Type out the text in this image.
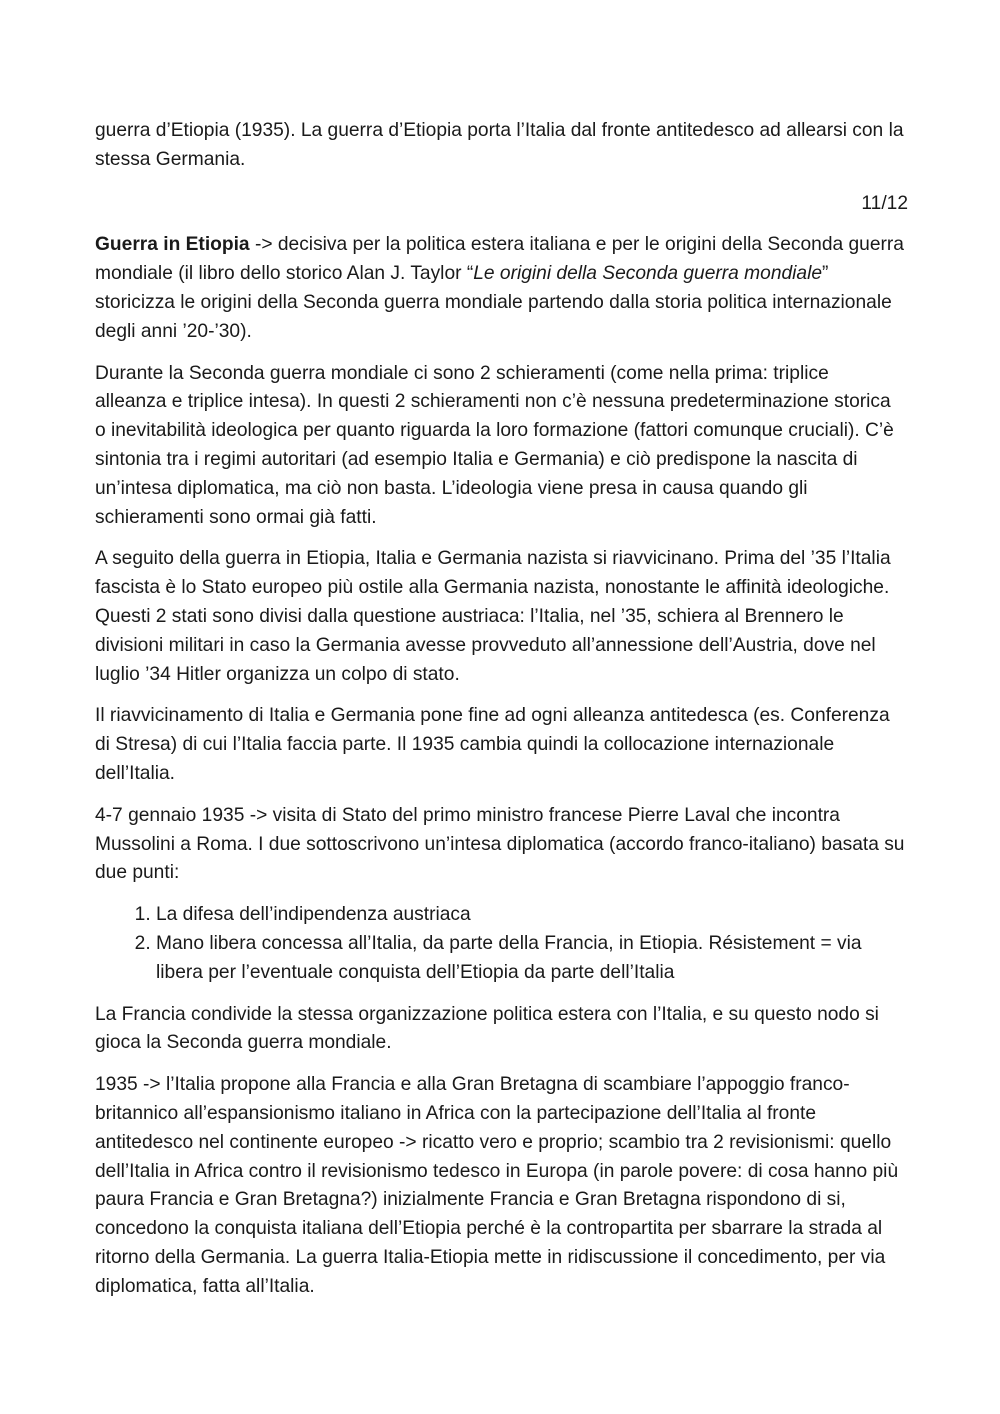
guerra d’Etiopia (1935). La guerra d’Etiopia porta l’Italia dal fronte antitedesco ad allearsi con la stessa Germania.

11/12

Guerra in Etiopia -> decisiva per la politica estera italiana e per le origini della Seconda guerra mondiale (il libro dello storico Alan J. Taylor “Le origini della Seconda guerra mondiale” storicizza le origini della Seconda guerra mondiale partendo dalla storia politica internazionale degli anni ’20-’30).

Durante la Seconda guerra mondiale ci sono 2 schieramenti (come nella prima: triplice alleanza e triplice intesa). In questi 2 schieramenti non c’è nessuna predeterminazione storica o inevitabilità ideologica per quanto riguarda la loro formazione (fattori comunque cruciali). C’è sintonia tra i regimi autoritari (ad esempio Italia e Germania) e ciò predispone la nascita di un’intesa diplomatica, ma ciò non basta. L’ideologia viene presa in causa quando gli schieramenti sono ormai già fatti.

A seguito della guerra in Etiopia, Italia e Germania nazista si riavvicinano. Prima del ’35 l’Italia fascista è lo Stato europeo più ostile alla Germania nazista, nonostante le affinità ideologiche. Questi 2 stati sono divisi dalla questione austriaca: l’Italia, nel ’35, schiera al Brennero le divisioni militari in caso la Germania avesse provveduto all’annessione dell’Austria, dove nel luglio ’34 Hitler organizza un colpo di stato.

Il riavvicinamento di Italia e Germania pone fine ad ogni alleanza antitedesca (es. Conferenza di Stresa) di cui l’Italia faccia parte. Il 1935 cambia quindi la collocazione internazionale dell’Italia.

4-7 gennaio 1935 -> visita di Stato del primo ministro francese Pierre Laval che incontra Mussolini a Roma. I due sottoscrivono un’intesa diplomatica (accordo franco-italiano) basata su due punti:

1. La difesa dell’indipendenza austriaca
2. Mano libera concessa all’Italia, da parte della Francia, in Etiopia. Résistement = via libera per l’eventuale conquista dell’Etiopia da parte dell’Italia

La Francia condivide la stessa organizzazione politica estera con l’Italia, e su questo nodo si gioca la Seconda guerra mondiale.

1935 -> l’Italia propone alla Francia e alla Gran Bretagna di scambiare l’appoggio franco-britannico all’espansionismo italiano in Africa con la partecipazione dell’Italia al fronte antitedesco nel continente europeo -> ricatto vero e proprio; scambio tra 2 revisionismi: quello dell’Italia in Africa contro il revisionismo tedesco in Europa (in parole povere: di cosa hanno più paura Francia e Gran Bretagna?) inizialmente Francia e Gran Bretagna rispondono di si, concedono la conquista italiana dell’Etiopia perché è la contropartita per sbarrare la strada al ritorno della Germania. La guerra Italia-Etiopia mette in ridiscussione il concedimento, per via diplomatica, fatta all’Italia.
